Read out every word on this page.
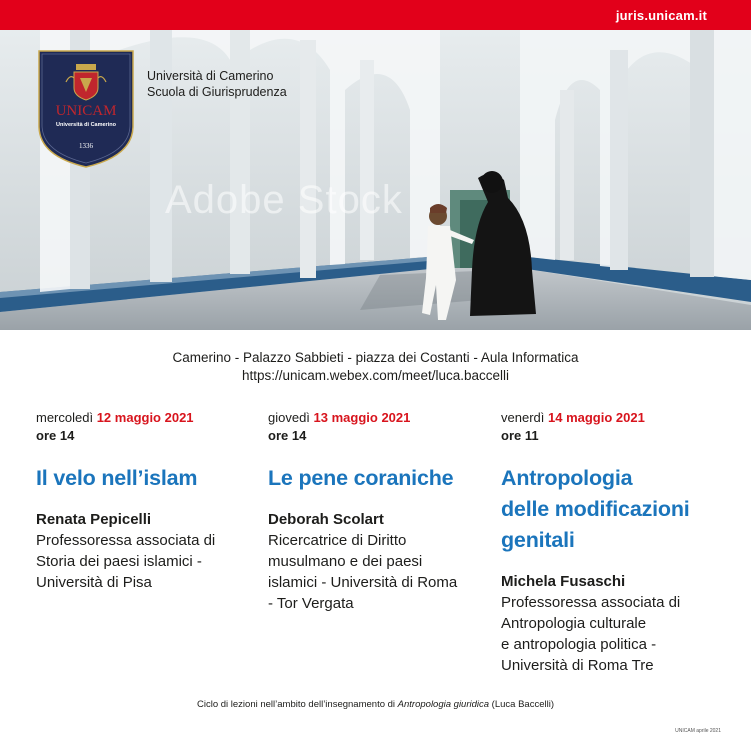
juris.unicam.it
Adobe Stock
UNICAM
Università di Camerino
1336
Università di Camerino
Scuola di Giurisprudenza
Camerino - Palazzo Sabbieti - piazza dei Costanti - Aula Informatica
https://unicam.webex.com/meet/luca.baccelli
mercoledì 12 maggio 2021
ore 14
Il velo nell’islam
Renata Pepicelli
Professoressa associata di
Storia dei paesi islamici -
Università di Pisa
giovedì 13 maggio 2021
ore 14
Le pene coraniche
Deborah Scolart
Ricercatrice di Diritto
musulmano e dei paesi
islamici - Università di Roma
- Tor Vergata
venerdì 14 maggio 2021
ore 11
Antropologia
delle modificazioni
genitali
Michela Fusaschi
Professoressa associata di
Antropologia culturale
e antropologia politica -
Università di Roma Tre
Ciclo di lezioni nell’ambito dell’insegnamento di Antropologia giuridica (Luca Baccelli)
UNICAM aprile 2021
